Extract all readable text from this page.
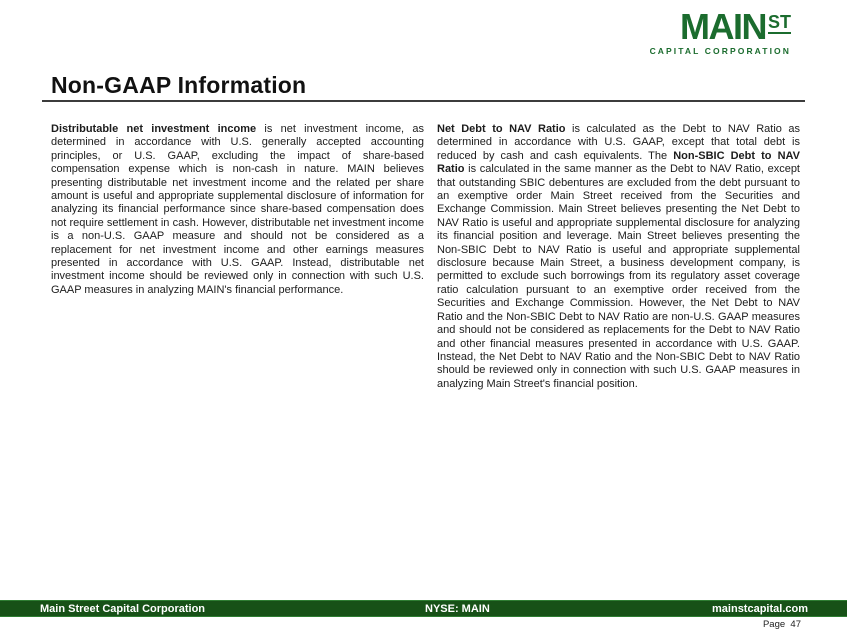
MAIN ST
CAPITAL CORPORATION
Non-GAAP Information
Distributable net investment income is net investment income, as determined in accordance with U.S. generally accepted accounting principles, or U.S. GAAP, excluding the impact of share-based compensation expense which is non-cash in nature. MAIN believes presenting distributable net investment income and the related per share amount is useful and appropriate supplemental disclosure of information for analyzing its financial performance since share-based compensation does not require settlement in cash. However, distributable net investment income is a non-U.S. GAAP measure and should not be considered as a replacement for net investment income and other earnings measures presented in accordance with U.S. GAAP. Instead, distributable net investment income should be reviewed only in connection with such U.S. GAAP measures in analyzing MAIN's financial performance.
Net Debt to NAV Ratio is calculated as the Debt to NAV Ratio as determined in accordance with U.S. GAAP, except that total debt is reduced by cash and cash equivalents. The Non-SBIC Debt to NAV Ratio is calculated in the same manner as the Debt to NAV Ratio, except that outstanding SBIC debentures are excluded from the debt pursuant to an exemptive order Main Street received from the Securities and Exchange Commission. Main Street believes presenting the Net Debt to NAV Ratio is useful and appropriate supplemental disclosure for analyzing its financial position and leverage. Main Street believes presenting the Non-SBIC Debt to NAV Ratio is useful and appropriate supplemental disclosure because Main Street, a business development company, is permitted to exclude such borrowings from its regulatory asset coverage ratio calculation pursuant to an exemptive order received from the Securities and Exchange Commission. However, the Net Debt to NAV Ratio and the Non-SBIC Debt to NAV Ratio are non-U.S. GAAP measures and should not be considered as replacements for the Debt to NAV Ratio and other financial measures presented in accordance with U.S. GAAP. Instead, the Net Debt to NAV Ratio and the Non-SBIC Debt to NAV Ratio should be reviewed only in connection with such U.S. GAAP measures in analyzing Main Street's financial position.
Main Street Capital Corporation	NYSE: MAIN	mainstcapital.com
Page  47
